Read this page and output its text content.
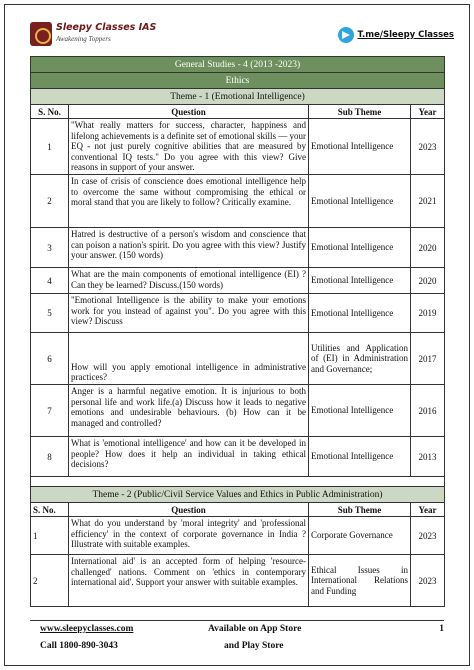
Sleepy Classes IAS
Awakening Toppers	T.me/Sleepy Classes
General Studies - 4 (2013 -2023)			
Ethics			
Theme - 1 (Emotional Intelligence)			
S. No.	Question	Sub Theme	Year
1	"What really matters for success, character, happiness and lifelong achievements is a definite set of emotional skills — your EQ - not just purely cognitive abilities that are measured by conventional IQ tests." Do you agree with this view? Give reasons in support of your answer.	Emotional Intelligence	2023
2	In case of crisis of conscience does emotional intelligence help to overcome the same without compromising the ethical or moral stand that you are likely to follow? Critically examine.	Emotional Intelligence	2021
3	Hatred is destructive of a person's wisdom and conscience that can poison a nation's spirit. Do you agree with this view? Justify your answer. (150 words)	Emotional Intelligence	2020
4	What are the main components of emotional intelligence (EI) ? Can they be learned? Discuss.(150 words)	Emotional Intelligence	2020
5	"Emotional Intelligence is the ability to make your emotions work for you instead of against you". Do you agree with this view? Discuss	Emotional Intelligence	2019
6	How will you apply emotional intelligence in administrative practices?	Utilities and Application of (EI) in Administration and Governance;	2017
7	Anger is a harmful negative emotion. It is injurious to both personal life and work life.(a) Discuss how it leads to negative emotions and undesirable behaviours. (b) How can it be managed and controlled?	Emotional Intelligence	2016
8	What is 'emotional intelligence' and how can it be developed in people? How does it help an individual in taking ethical decisions?	Emotional Intelligence	2013

Theme - 2 (Public/Civil Service Values and Ethics in Public Administration)			
S. No.	Question	Sub Theme	Year
1	What do you understand by 'moral integrity' and 'professional efficiency' in the context of corporate governance in India ? Illustrate with suitable examples.	Corporate Governance	2023
2	International aid' is an accepted form of helping 'resource-challenged' nations. Comment on 'ethics in contemporary international aid'. Support your answer with suitable examples.	Ethical Issues in International Relations and Funding	2023
www.sleepyclasses.com
Call 1800-890-3043
Available on App Store
and Play Store
1
